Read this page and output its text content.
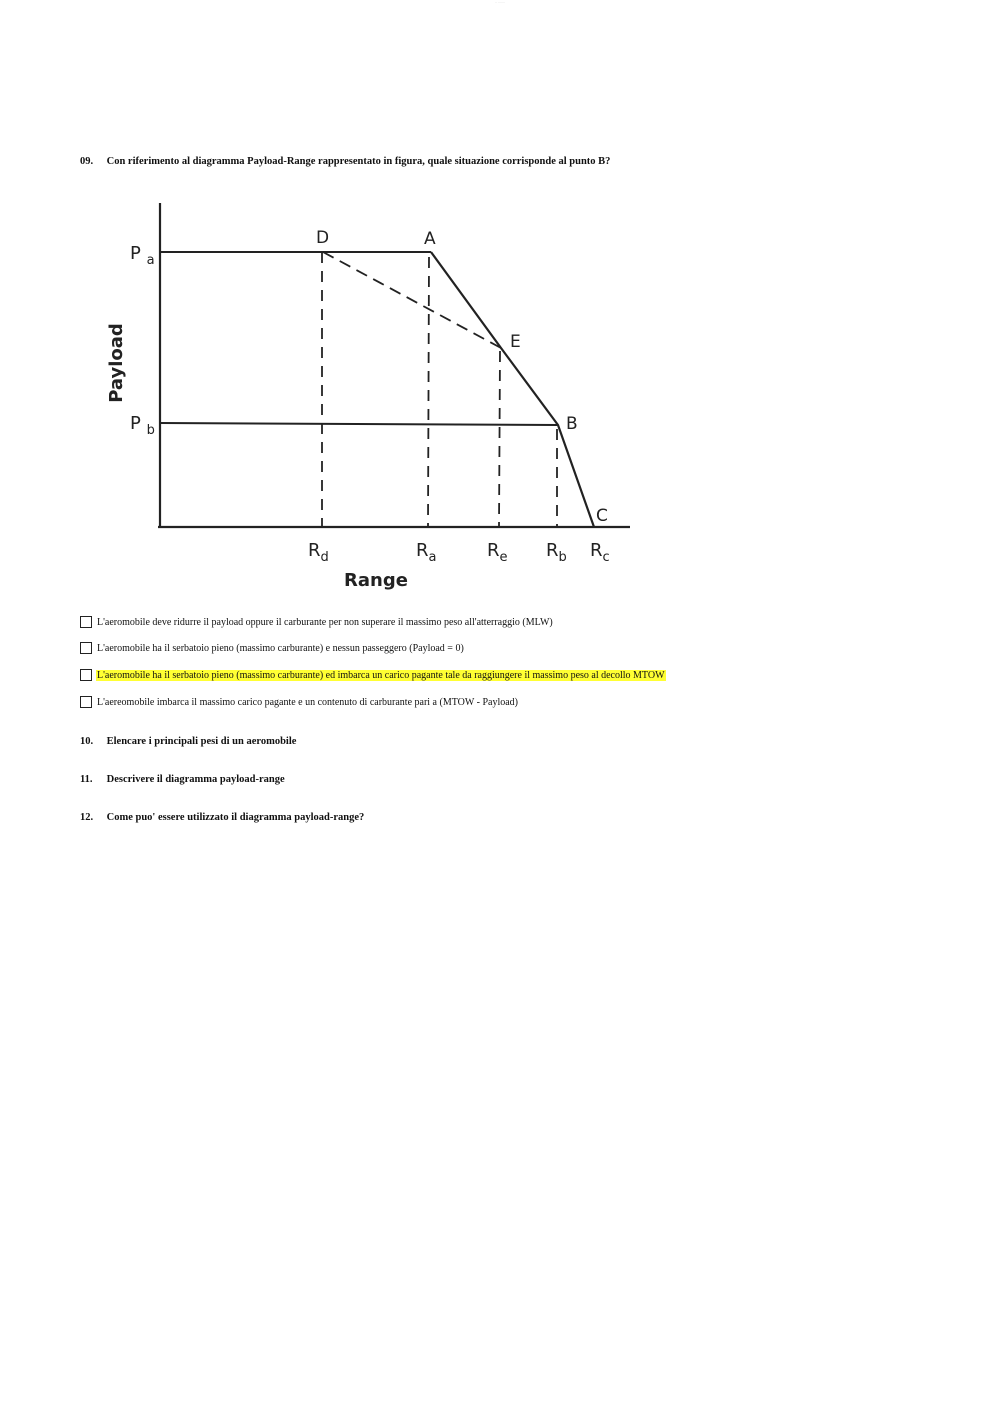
·· ·······
09. Con riferimento al diagramma Payload-Range rappresentato in figura, quale situazione corrisponde al punto B?
P $_a$
P $_b$
Payload
D	A
E
B
C
$R_d$	$R_a$	$R_e$ $R_b$ $R_c$
Range
L'aeromobile deve ridurre il payload oppure il carburante per non superare il massimo peso all'atterraggio (MLW)
L'aeromobile ha il serbatoio pieno (massimo carburante) e nessun passeggero (Payload = 0)
L'aeromobile ha il serbatoio pieno (massimo carburante) ed imbarca un carico pagante tale da raggiungere il massimo peso al decollo MTOW
L'aereomobile imbarca il massimo carico pagante e un contenuto di carburante pari a (MTOW - Payload)
10. Elencare i principali pesi di un aeromobile
11. Descrivere il diagramma payload-range
12. Come puo' essere utilizzato il diagramma payload-range?
